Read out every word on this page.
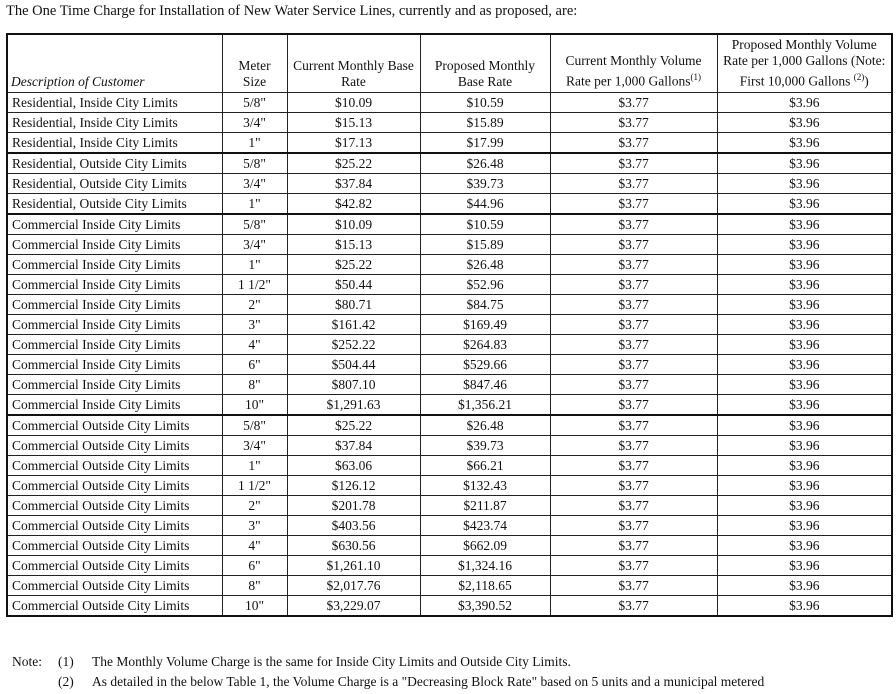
The One Time Charge for Installation of New Water Service Lines, currently and as proposed, are:
Description of Customer	Meter Size	Current Monthly Base Rate	Proposed Monthly Base Rate	Current Monthly Volume Rate per 1,000 Gallons$^{(1)}$	Proposed Monthly Volume Rate per 1,000 Gallons (Note: First 10,000 Gallons $^{(2)}$)
Residential, Inside City Limits	5/8"	$10.09	$10.59	$3.77	$3.96
Residential, Inside City Limits	3/4"	$15.13	$15.89	$3.77	$3.96
Residential, Inside City Limits	1"	$17.13	$17.99	$3.77	$3.96
Residential, Outside City Limits	5/8"	$25.22	$26.48	$3.77	$3.96
Residential, Outside City Limits	3/4"	$37.84	$39.73	$3.77	$3.96
Residential, Outside City Limits	1"	$42.82	$44.96	$3.77	$3.96
Commercial Inside City Limits	5/8"	$10.09	$10.59	$3.77	$3.96
Commercial Inside City Limits	3/4"	$15.13	$15.89	$3.77	$3.96
Commercial Inside City Limits	1"	$25.22	$26.48	$3.77	$3.96
Commercial Inside City Limits	1 1/2"	$50.44	$52.96	$3.77	$3.96
Commercial Inside City Limits	2"	$80.71	$84.75	$3.77	$3.96
Commercial Inside City Limits	3"	$161.42	$169.49	$3.77	$3.96
Commercial Inside City Limits	4"	$252.22	$264.83	$3.77	$3.96
Commercial Inside City Limits	6"	$504.44	$529.66	$3.77	$3.96
Commercial Inside City Limits	8"	$807.10	$847.46	$3.77	$3.96
Commercial Inside City Limits	10"	$1,291.63	$1,356.21	$3.77	$3.96
Commercial Outside City Limits	5/8"	$25.22	$26.48	$3.77	$3.96
Commercial Outside City Limits	3/4"	$37.84	$39.73	$3.77	$3.96
Commercial Outside City Limits	1"	$63.06	$66.21	$3.77	$3.96
Commercial Outside City Limits	1 1/2"	$126.12	$132.43	$3.77	$3.96
Commercial Outside City Limits	2"	$201.78	$211.87	$3.77	$3.96
Commercial Outside City Limits	3"	$403.56	$423.74	$3.77	$3.96
Commercial Outside City Limits	4"	$630.56	$662.09	$3.77	$3.96
Commercial Outside City Limits	6"	$1,261.10	$1,324.16	$3.77	$3.96
Commercial Outside City Limits	8"	$2,017.76	$2,118.65	$3.77	$3.96
Commercial Outside City Limits	10"	$3,229.07	$3,390.52	$3.77	$3.96
Note:	(1)	The Monthly Volume Charge is the same for Inside City Limits and Outside City Limits.
(2)	As detailed in the below Table 1, the Volume Charge is a "Decreasing Block Rate" based on 5 units and a municipal metered
